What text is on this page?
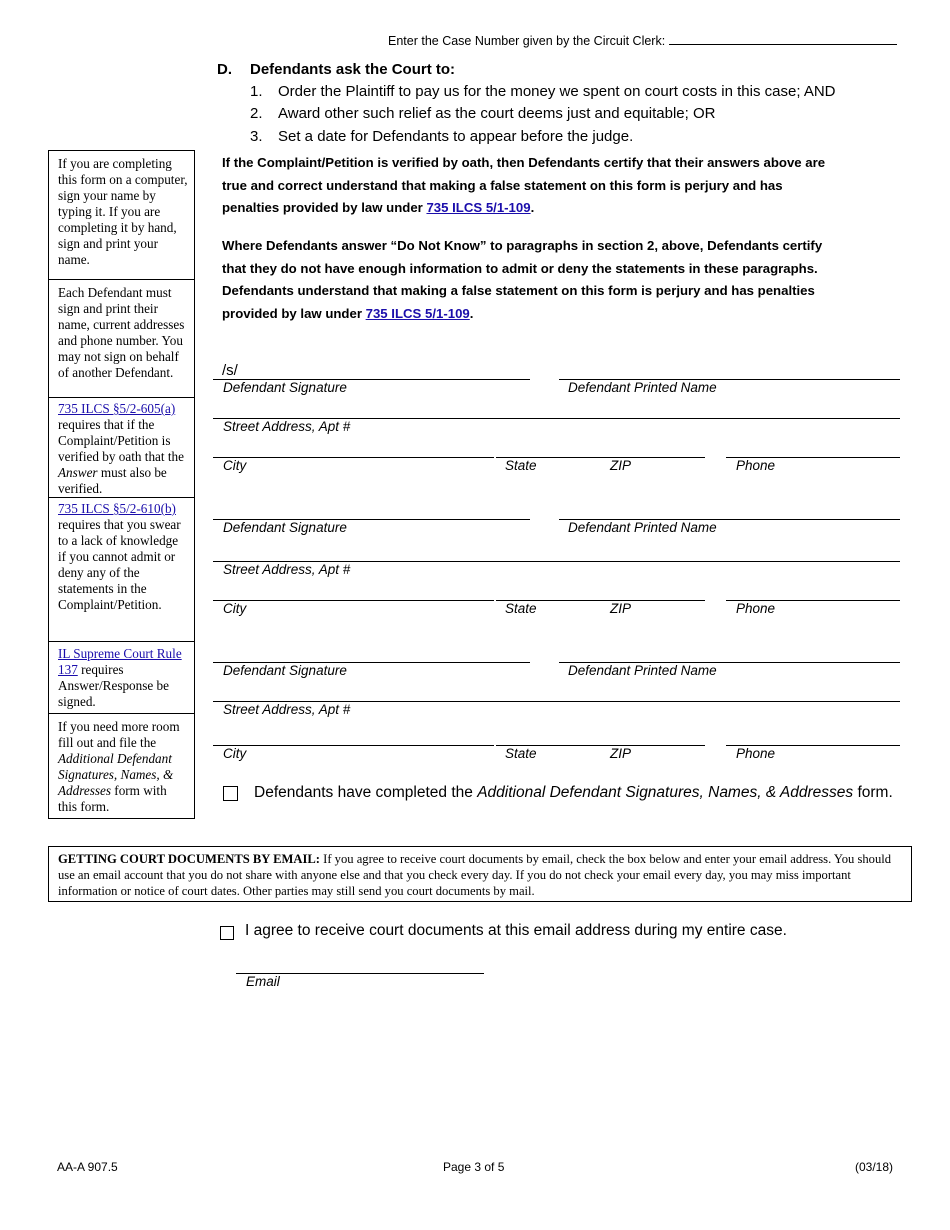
Enter the Case Number given by the Circuit Clerk:
D. Defendants ask the Court to:
1. Order the Plaintiff to pay us for the money we spent on court costs in this case; AND
2. Award other such relief as the court deems just and equitable; OR
3. Set a date for Defendants to appear before the judge.
If the Complaint/Petition is verified by oath, then Defendants certify that their answers above are true and correct understand that making a false statement on this form is perjury and has penalties provided by law under 735 ILCS 5/1-109.
Where Defendants answer “Do Not Know” to paragraphs in section 2, above, Defendants certify that they do not have enough information to admit or deny the statements in these paragraphs. Defendants understand that making a false statement on this form is perjury and has penalties provided by law under 735 ILCS 5/1-109.
If you are completing this form on a computer, sign your name by typing it. If you are completing it by hand, sign and print your name.
Each Defendant must sign and print their name, current addresses and phone number. You may not sign on behalf of another Defendant.
735 ILCS §5/2-605(a) requires that if the Complaint/Petition is verified by oath that the Answer must also be verified.
735 ILCS §5/2-610(b) requires that you swear to a lack of knowledge if you cannot admit or deny any of the statements in the Complaint/Petition.
IL Supreme Court Rule 137 requires Answer/Response be signed.
If you need more room fill out and file the Additional Defendant Signatures, Names, & Addresses form with this form.
/s/
Defendant Signature	Defendant Printed Name
Street Address, Apt #
City	State	ZIP	Phone
Defendant Signature	Defendant Printed Name
Street Address, Apt #
City	State	ZIP	Phone
Defendant Signature	Defendant Printed Name
Street Address, Apt #
City	State	ZIP	Phone
Defendants have completed the Additional Defendant Signatures, Names, & Addresses form.
GETTING COURT DOCUMENTS BY EMAIL: If you agree to receive court documents by email, check the box below and enter your email address. You should use an email account that you do not share with anyone else and that you check every day. If you do not check your email every day, you may miss important information or notice of court dates. Other parties may still send you court documents by mail.
I agree to receive court documents at this email address during my entire case.
Email
AA-A 907.5	Page 3 of 5	(03/18)
